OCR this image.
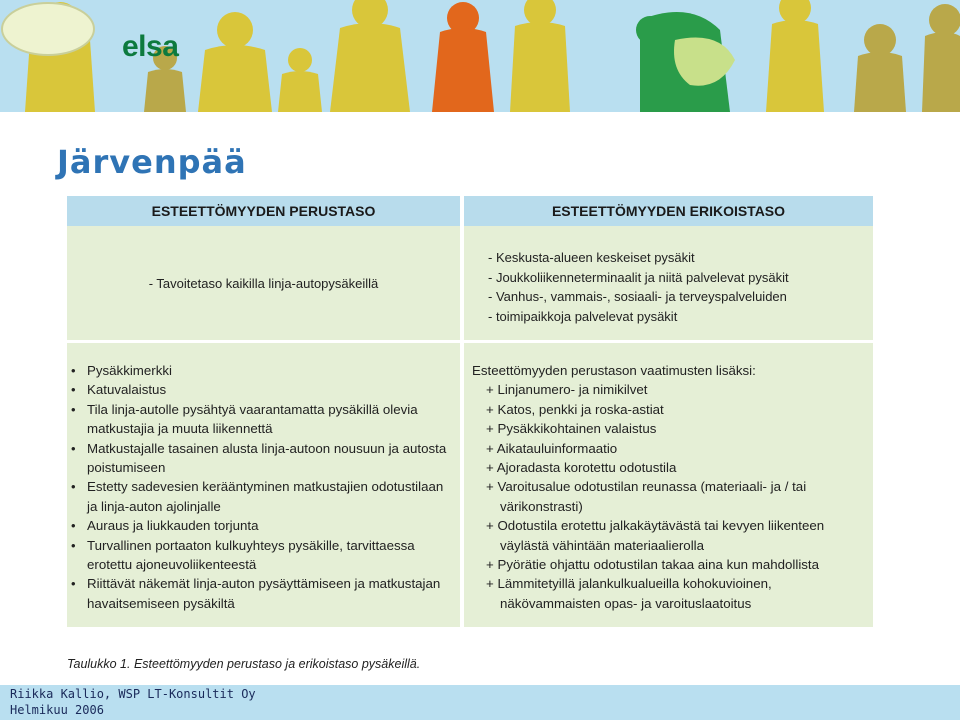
elsa
Järvenpää
ESTEETTÖMYYDEN PERUSTASO	ESTEETTÖMYYDEN ERIKOISTASO
- Tavoitetaso kaikilla linja-autopysäkeillä
- Keskusta-alueen keskeiset pysäkit
- Joukkoliikenneterminaalit ja niitä palvelevat pysäkit
- Vanhus-, vammais-, sosiaali- ja terveyspalveluiden
- toimipaikkoja palvelevat pysäkit
• Pysäkkimerkki
• Katuvalaistus
• Tila linja-autolle pysähtyä vaarantamatta pysäkillä olevia matkustajia ja muuta liikennettä
• Matkustajalle tasainen alusta linja-autoon nousuun ja autosta poistumiseen
• Estetty sadevesien kerääntyminen matkustajien odotustilaan ja linja-auton ajolinjalle
• Auraus ja liukkauden torjunta
• Turvallinen portaaton kulkuyhteys pysäkille, tarvittaessa erotettu ajoneuvoliikenteestä
• Riittävät näkemät linja-auton pysäyttämiseen ja matkustajan havaitsemiseen pysäkiltä
Esteettömyyden perustason vaatimusten lisäksi:
+ Linjanumero- ja nimikilvet
+ Katos, penkki ja roska-astiat
+ Pysäkkikohtainen valaistus
+ Aikatauluinformaatio
+ Ajoradasta korotettu odotustila
+ Varoitusalue odotustilan reunassa (materiaali- ja / tai värikonstrasti)
+ Odotustila erotettu jalkakäytävästä tai kevyen liikenteen väylästä vähintään materiaalierolla
+ Pyörätie ohjattu odotustilan takaa aina kun mahdollista
+ Lämmitetyillä jalankulkualueilla kohokuvioinen, näkövammaisten opas- ja varoituslaatoitus
Taulukko 1. Esteettömyyden perustaso ja erikoistaso pysäkeillä.
Riikka Kallio, WSP LT-Konsultit Oy
Helmikuu 2006
